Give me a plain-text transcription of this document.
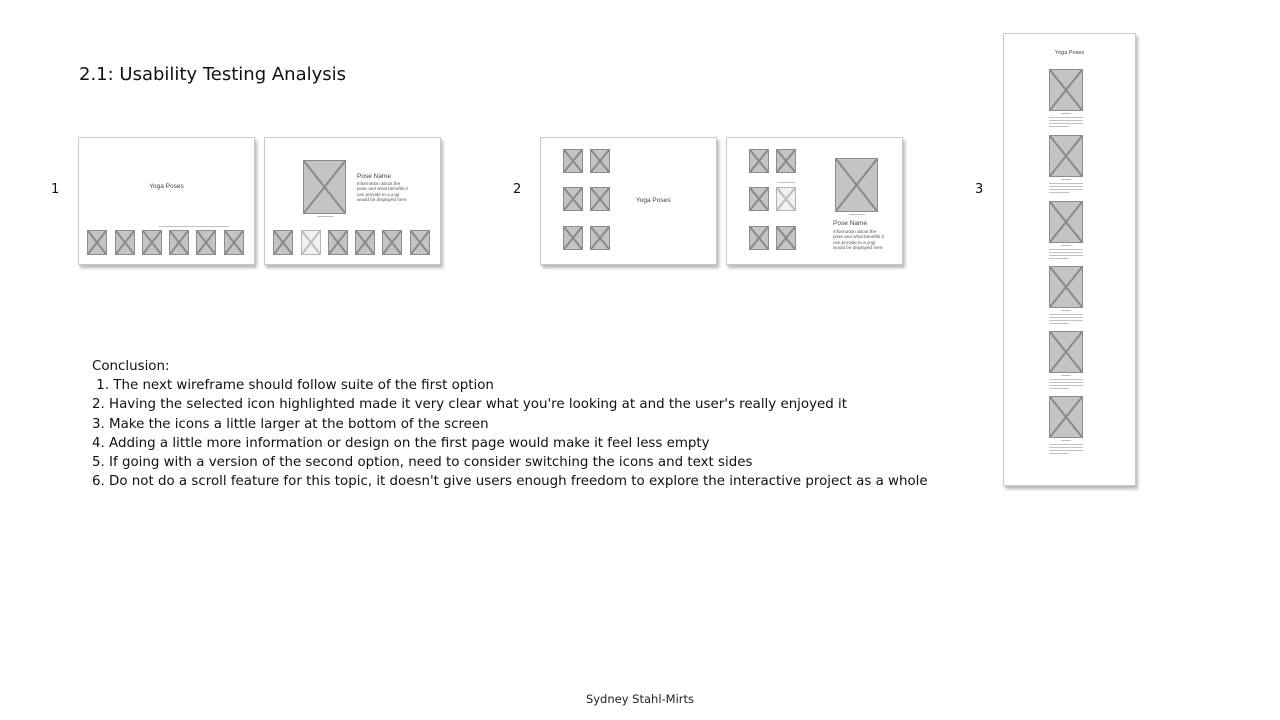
2.1: Usability Testing Analysis
1	2	3
Yoga Poses
Pose Name
information about the
pose and what benefits it
can provide to a yogi
would be displayed here	Yoga Poses
Pose Name
information about the
pose and what benefits it
can provide to a yogi
would be displayed here
Yoga Poses
Conclusion:
1. The next wireframe should follow suite of the first option
2. Having the selected icon highlighted made it very clear what you're looking at and the user's really enjoyed it
3. Make the icons a little larger at the bottom of the screen
4. Adding a little more information or design on the first page would make it feel less empty
5. If going with a version of the second option, need to consider switching the icons and text sides
6. Do not do a scroll feature for this topic, it doesn't give users enough freedom to explore the interactive project as a whole
Sydney Stahl-Mirts
